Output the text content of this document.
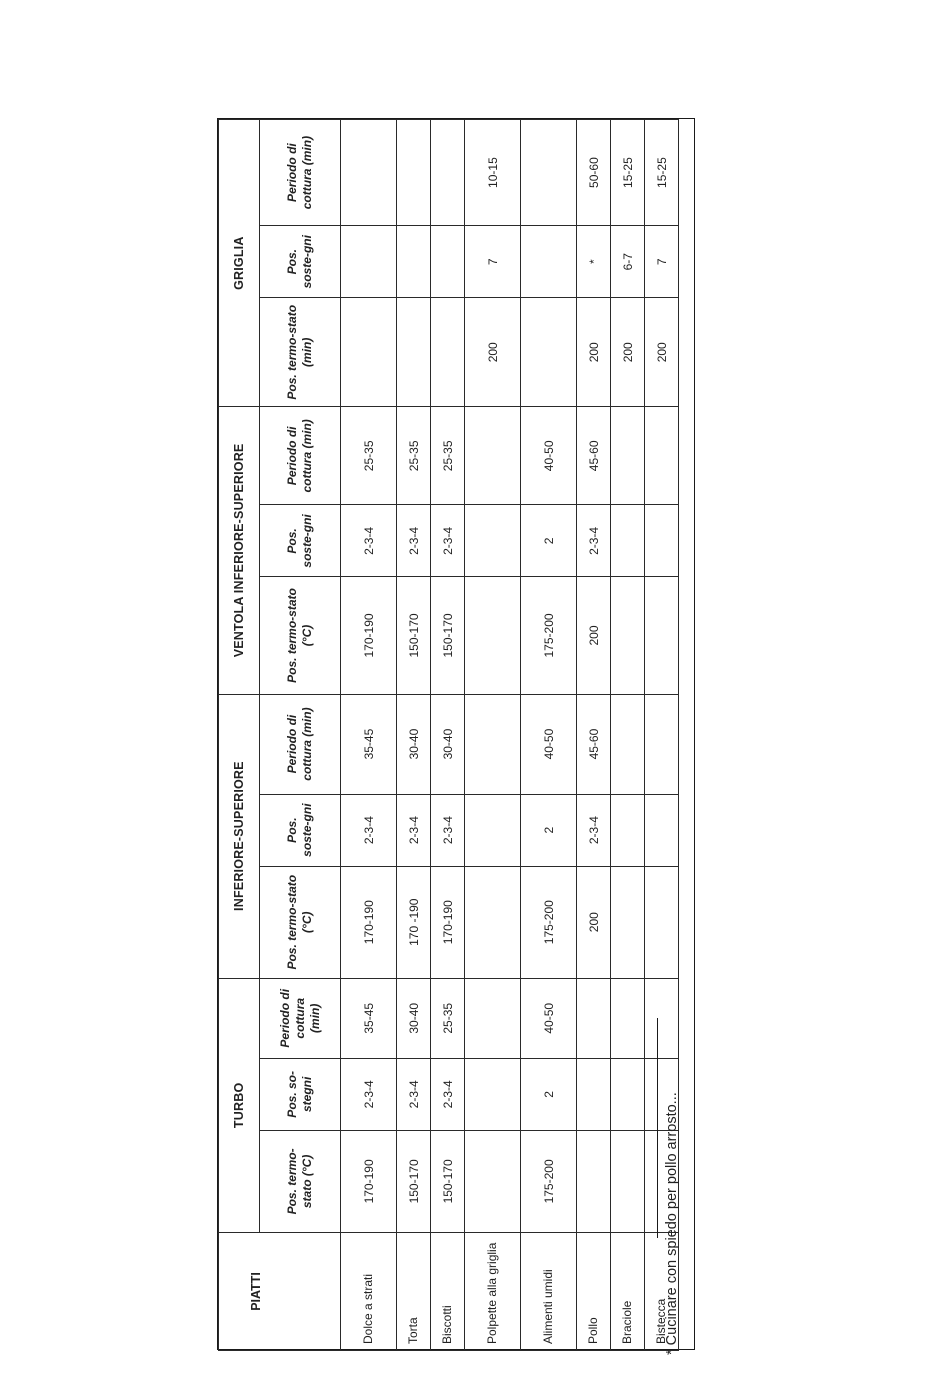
PIATTI	TURBO			INFERIORE-SUPERIORE			VENTOLA INFERIORE-SUPERIORE			GRIGLIA		
	Pos. termo-stato (°C)	Pos. so-stegni	Periodo di cottura (min)	Pos. termo-stato (°C)	Pos. soste-gni	Periodo di cottura (min)	Pos. termo-stato (°C)	Pos. soste-gni	Periodo di cottura (min)	Pos. termo-stato (min)	Pos. soste-gni	Periodo di cottura (min)
Dolce a strati	170-190	2-3-4	35-45	170-190	2-3-4	35-45	170-190	2-3-4	25-35			
Torta	150-170	2-3-4	30-40	170 -190	2-3-4	30-40	150-170	2-3-4	25-35			
Biscotti	150-170	2-3-4	25-35	170-190	2-3-4	30-40	150-170	2-3-4	25-35			
Polpette alla griglia										200	7	10-15
Alimenti umidi	175-200	2	40-50	175-200	2	40-50	175-200	2	40-50			
Pollo				200	2-3-4	45-60	200	2-3-4	45-60	200	*	50-60
Braciole										200	6-7	15-25
Bistecca										200	7	15-25
* Cucinare con spiedo per pollo arrosto...
